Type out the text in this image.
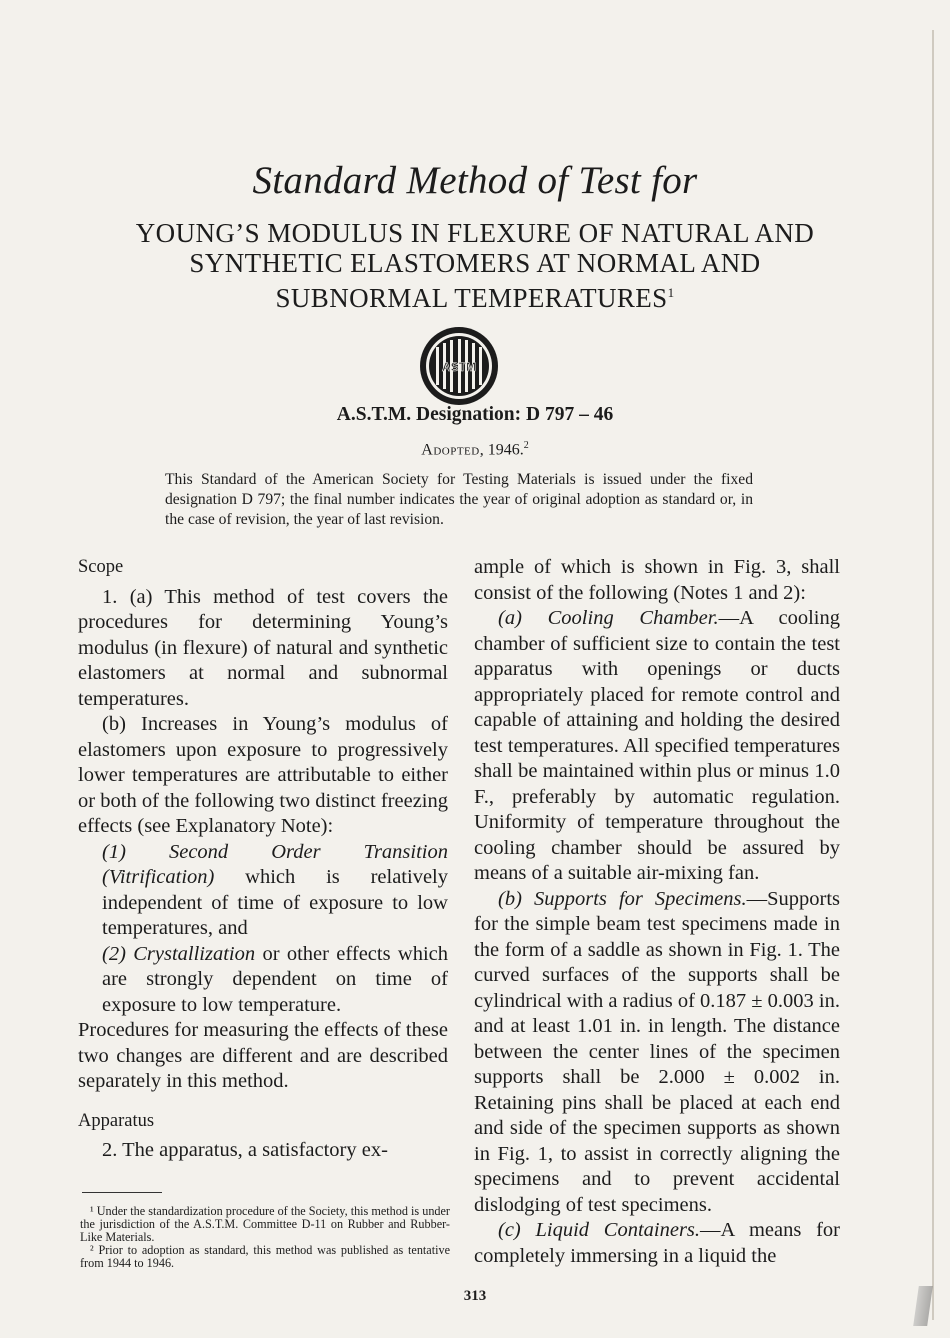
Standard Method of Test for
YOUNG’S MODULUS IN FLEXURE OF NATURAL AND
SYNTHETIC ELASTOMERS AT NORMAL AND
SUBNORMAL TEMPERATURES$^1$
ASTM
A.S.T.M. Designation: D 797 – 46
Adopted, 1946.$^2$
This Standard of the American Society for Testing Materials is issued under the fixed designation D 797; the final number indicates the year of original adoption as standard or, in the case of revision, the year of last revision.

Scope

1. (a) This method of test covers the procedures for determining Young’s modulus (in flexure) of natural and synthetic elastomers at normal and subnormal temperatures.

(b) Increases in Young’s modulus of elastomers upon exposure to progressively lower temperatures are attributable to either or both of the following two distinct freezing effects (see Explanatory Note):

(1) Second Order Transition (Vitrification) which is relatively independent of time of exposure to low temperatures, and

(2) Crystallization or other effects which are strongly dependent on time of exposure to low temperature.

Procedures for measuring the effects of these two changes are different and are described separately in this method.

Apparatus

2. The apparatus, a satisfactory ex-

ample of which is shown in Fig. 3, shall consist of the following (Notes 1 and 2):

(a) Cooling Chamber.—A cooling chamber of sufficient size to contain the test apparatus with openings or ducts appropriately placed for remote control and capable of attaining and holding the desired test temperatures. All specified temperatures shall be maintained within plus or minus 1.0 F., preferably by automatic regulation. Uniformity of temperature throughout the cooling chamber should be assured by means of a suitable air-mixing fan.

(b) Supports for Specimens.—Supports for the simple beam test specimens made in the form of a saddle as shown in Fig. 1. The curved surfaces of the supports shall be cylindrical with a radius of 0.187 ± 0.003 in. and at least 1.01 in. in length. The distance between the center lines of the specimen supports shall be 2.000 ± 0.002 in. Retaining pins shall be placed at each end and side of the specimen supports as shown in Fig. 1, to assist in correctly aligning the specimens and to prevent accidental dislodging of test specimens.

(c) Liquid Containers.—A means for completely immersing in a liquid the

¹ Under the standardization procedure of the Society, this method is under the jurisdiction of the A.S.T.M. Committee D-11 on Rubber and Rubber-Like Materials.

² Prior to adoption as standard, this method was published as tentative from 1944 to 1946.

313
